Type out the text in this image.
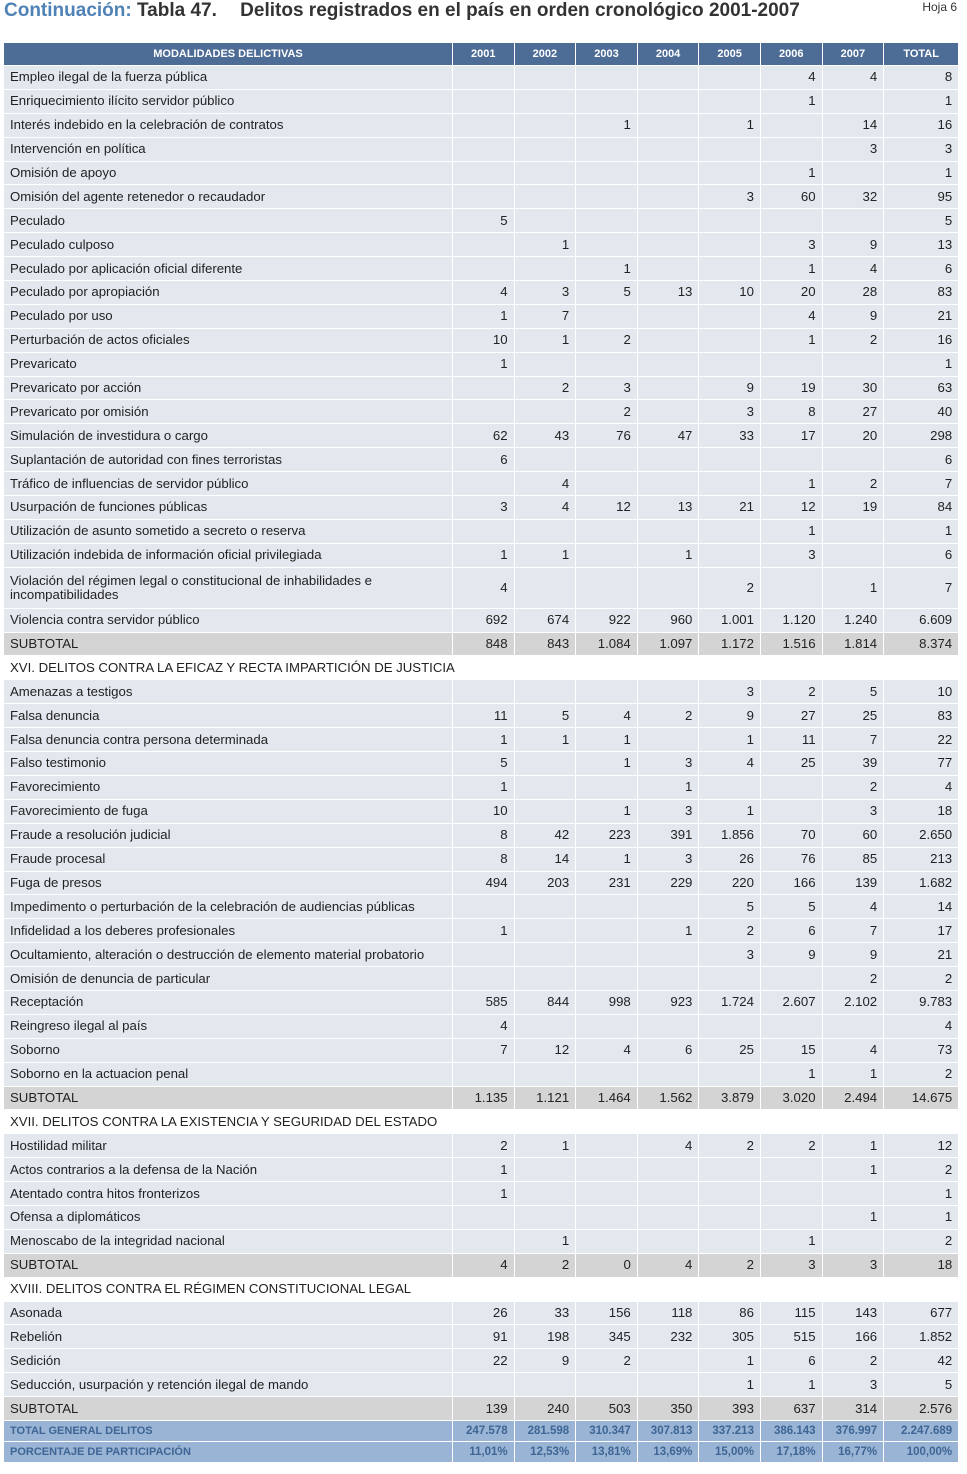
Continuación: Tabla 47. Delitos registrados en el país en orden cronológico 2001-2007	Hoja 6
MODALIDADES DELICTIVAS	2001	2002	2003	2004	2005	2006	2007	TOTAL
Empleo ilegal de la fuerza pública						4	4	8
Enriquecimiento ilícito servidor público						1		1
Interés indebido en la celebración de contratos			1		1		14	16
Intervención en política							3	3
Omisión de apoyo						1		1
Omisión del agente retenedor o recaudador					3	60	32	95
Peculado	5							5
Peculado culposo		1				3	9	13
Peculado por aplicación oficial diferente			1			1	4	6
Peculado por apropiación	4	3	5	13	10	20	28	83
Peculado por uso	1	7				4	9	21
Perturbación de actos oficiales	10	1	2			1	2	16
Prevaricato	1							1
Prevaricato por acción		2	3		9	19	30	63
Prevaricato por omisión			2		3	8	27	40
Simulación de investidura o cargo	62	43	76	47	33	17	20	298
Suplantación de autoridad con fines terroristas	6							6
Tráfico de influencias de servidor público		4				1	2	7
Usurpación de funciones públicas	3	4	12	13	21	12	19	84
Utilización de asunto sometido a secreto o reserva						1		1
Utilización indebida de información oficial privilegiada	1	1		1		3		6
Violación del régimen legal o constitucional de inhabilidades e incompatibilidades	4				2		1	7
Violencia contra servidor público	692	674	922	960	1.001	1.120	1.240	6.609
SUBTOTAL	848	843	1.084	1.097	1.172	1.516	1.814	8.374
XVI. DELITOS CONTRA LA EFICAZ Y RECTA IMPARTICIÓN DE JUSTICIA								
Amenazas a testigos					3	2	5	10
Falsa denuncia	11	5	4	2	9	27	25	83
Falsa denuncia contra persona determinada	1	1	1		1	11	7	22
Falso testimonio	5		1	3	4	25	39	77
Favorecimiento	1			1			2	4
Favorecimiento de fuga	10		1	3	1		3	18
Fraude a resolución judicial	8	42	223	391	1.856	70	60	2.650
Fraude procesal	8	14	1	3	26	76	85	213
Fuga de presos	494	203	231	229	220	166	139	1.682
Impedimento o perturbación de la celebración de audiencias públicas					5	5	4	14
Infidelidad a los deberes profesionales	1			1	2	6	7	17
Ocultamiento, alteración o destrucción de elemento material probatorio					3	9	9	21
Omisión de denuncia de particular							2	2
Receptación	585	844	998	923	1.724	2.607	2.102	9.783
Reingreso ilegal al país	4							4
Soborno	7	12	4	6	25	15	4	73
Soborno en la actuacion penal						1	1	2
SUBTOTAL	1.135	1.121	1.464	1.562	3.879	3.020	2.494	14.675
XVII. DELITOS CONTRA LA EXISTENCIA Y SEGURIDAD DEL ESTADO								
Hostilidad militar	2	1		4	2	2	1	12
Actos contrarios a la defensa de la Nación	1						1	2
Atentado contra hitos fronterizos	1							1
Ofensa a diplomáticos							1	1
Menoscabo de la integridad nacional		1				1		2
SUBTOTAL	4	2	0	4	2	3	3	18
XVIII. DELITOS CONTRA EL RÉGIMEN CONSTITUCIONAL LEGAL								
Asonada	26	33	156	118	86	115	143	677
Rebelión	91	198	345	232	305	515	166	1.852
Sedición	22	9	2		1	6	2	42
Seducción, usurpación y retención ilegal de mando					1	1	3	5
SUBTOTAL	139	240	503	350	393	637	314	2.576
TOTAL GENERAL DELITOS	247.578	281.598	310.347	307.813	337.213	386.143	376.997	2.247.689
PORCENTAJE DE PARTICIPACIÓN	11,01%	12,53%	13,81%	13,69%	15,00%	17,18%	16,77%	100,00%
